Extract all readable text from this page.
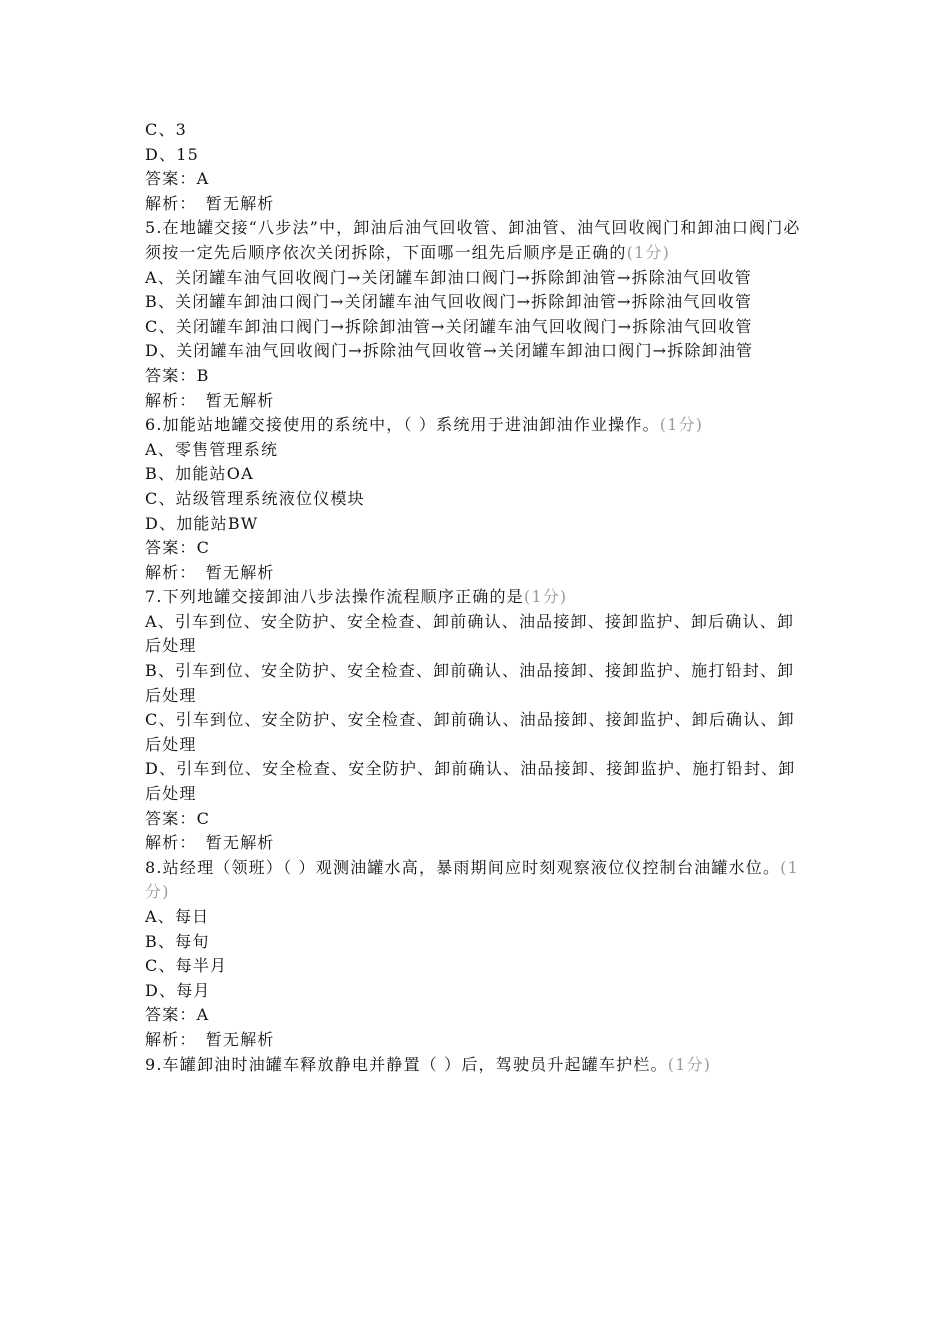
C、3

D、15

答案：A

解析：　暂无解析

5.在地罐交接“八步法”中，卸油后油气回收管、卸油管、油气回收阀门和卸油口阀门必须按一定先后顺序依次关闭拆除，下面哪一组先后顺序是正确的(1分)

A、关闭罐车油气回收阀门→关闭罐车卸油口阀门→拆除卸油管→拆除油气回收管

B、关闭罐车卸油口阀门→关闭罐车油气回收阀门→拆除卸油管→拆除油气回收管

C、关闭罐车卸油口阀门→拆除卸油管→关闭罐车油气回收阀门→拆除油气回收管

D、关闭罐车油气回收阀门→拆除油气回收管→关闭罐车卸油口阀门→拆除卸油管

答案：B

解析：　暂无解析

6.加能站地罐交接使用的系统中，（ ）系统用于进油卸油作业操作。(1分)

A、零售管理系统

B、加能站OA

C、站级管理系统液位仪模块

D、加能站BW

答案：C

解析：　暂无解析

7.下列地罐交接卸油八步法操作流程顺序正确的是(1分)

A、引车到位、安全防护、安全检查、卸前确认、油品接卸、接卸监护、卸后确认、卸后处理

B、引车到位、安全防护、安全检查、卸前确认、油品接卸、接卸监护、施打铅封、卸后处理

C、引车到位、安全防护、安全检查、卸前确认、油品接卸、接卸监护、卸后确认、卸后处理

D、引车到位、安全检查、安全防护、卸前确认、油品接卸、接卸监护、施打铅封、卸后处理

答案：C

解析：　暂无解析

8.站经理（领班）（ ）观测油罐水高，暴雨期间应时刻观察液位仪控制台油罐水位。(1分)

A、每日

B、每旬

C、每半月

D、每月

答案：A

解析：　暂无解析

9.车罐卸油时油罐车释放静电并静置（ ）后，驾驶员升起罐车护栏。(1分)
